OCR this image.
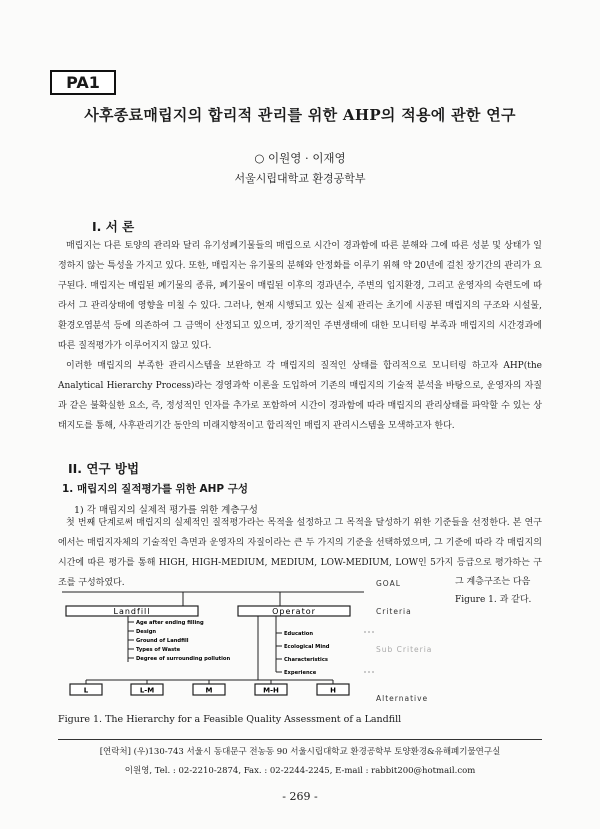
PA1
사후종료매립지의 합리적 관리를 위한 AHP의 적용에 관한 연구
○ 이원영 · 이재영
서울시립대학교 환경공학부
I. 서 론

매립지는 다른 토양의 관리와 달리 유기성폐기물들의 매립으로 시간이 경과함에 따른 분해와 그에 따른 성분 및 상태가 일정하지 않는 특성을 가지고 있다. 또한, 매립지는 유기물의 분해와 안정화를 이루기 위해 약 20년에 걸친 장기간의 관리가 요구된다. 매립지는 매립된 폐기물의 종류, 폐기물이 매립된 이후의 경과년수, 주변의 입지환경, 그리고 운영자의 숙련도에 따라서 그 관리상태에 영향을 미칠 수 있다. 그러나, 현재 시행되고 있는 실제 관리는 초기에 시공된 매립지의 구조와 시설물, 환경오염분석 등에 의존하여 그 금액이 산정되고 있으며, 장기적인 주변생태에 대한 모니터링 부족과 매립지의 시간경과에 따른 질적평가가 이루어지지 않고 있다.

이러한 매립지의 부족한 관리시스템을 보완하고 각 매립지의 질적인 상태를 합리적으로 모니터링 하고자 AHP(the Analytical Hierarchy Process)라는 경영과학 이론을 도입하여 기존의 매립지의 기술적 분석을 바탕으로, 운영자의 자질과 같은 불확실한 요소, 즉, 정성적인 인자를 추가로 포함하여 시간이 경과함에 따라 매립지의 관리상태를 파악할 수 있는 상태지도를 통해, 사후관리기간 동안의 미래지향적이고 합리적인 매립지 관리시스템을 모색하고자 한다.

II. 연구 방법
1. 매립지의 질적평가를 위한 AHP 구성
1) 각 매립지의 실제적 평가를 위한 계층구성

첫 번째 단계로써 매립지의 실제적인 질적평가라는 목적을 설정하고 그 목적을 달성하기 위한 기준들을 선정한다. 본 연구에서는 매립지자체의 기술적인 측면과 운영자의 자질이라는 큰 두 가지의 기준을 선택하였으며, 그 기준에 따라 각 매립지의 시간에 따른 평가를 통해 HIGH, HIGH-MEDIUM, MEDIUM, LOW-MEDIUM, LOW인 5가지 등급으로 평가하는 구조를 구성하였다.	그 계층구조는 다음 Figure 1. 과 같다.
GOAL
Criteria
Sub Criteria
Alternative
Landfill	Operator
Age after ending filling
Design
Ground of Landfill
Types of Waste
Degree of surrounding pollution
Education
Ecological Mind
Characteristics
Experience
L	L-M	M	M-H	H
Figure 1. The Hierarchy for a Feasible Quality Assessment of a Landfill
[연락처] (우)130-743 서울시 동대문구 전농동 90 서울시립대학교 환경공학부 토양환경&유해폐기물연구실
이원영, Tel. : 02-2210-2874, Fax. : 02-2244-2245, E-mail : rabbit200@hotmail.com
- 269 -
